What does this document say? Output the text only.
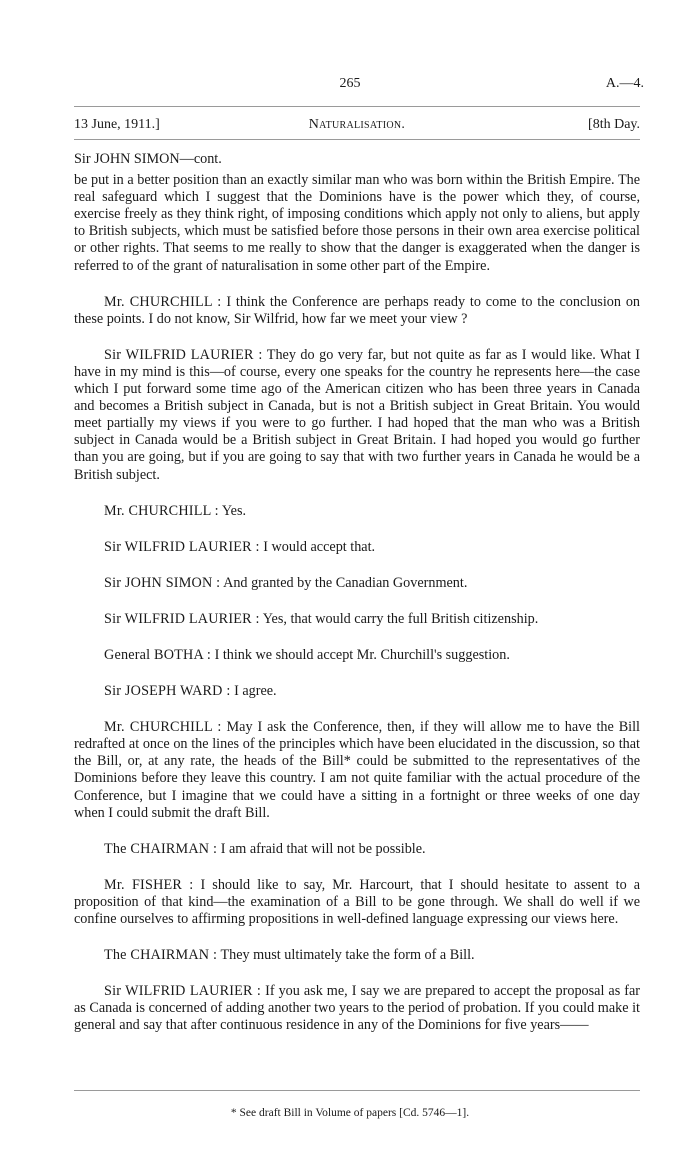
265	A.—4.
13 June, 1911.]	Naturalisation.	[8th Day.

Sir JOHN SIMON—cont.

be put in a better position than an exactly similar man who was born within the British Empire. The real safeguard which I suggest that the Dominions have is the power which they, of course, exercise freely as they think right, of imposing conditions which apply not only to aliens, but apply to British subjects, which must be satisfied before those persons in their own area exercise political or other rights. That seems to me really to show that the danger is exaggerated when the danger is referred to of the grant of naturalisation in some other part of the Empire.

Mr. CHURCHILL : I think the Conference are perhaps ready to come to the conclusion on these points. I do not know, Sir Wilfrid, how far we meet your view ?

Sir WILFRID LAURIER : They do go very far, but not quite as far as I would like. What I have in my mind is this—of course, every one speaks for the country he represents here—the case which I put forward some time ago of the American citizen who has been three years in Canada and becomes a British subject in Canada, but is not a British subject in Great Britain. You would meet partially my views if you were to go further. I had hoped that the man who was a British subject in Canada would be a British subject in Great Britain. I had hoped you would go further than you are going, but if you are going to say that with two further years in Canada he would be a British subject.

Mr. CHURCHILL : Yes.

Sir WILFRID LAURIER : I would accept that.

Sir JOHN SIMON : And granted by the Canadian Government.

Sir WILFRID LAURIER : Yes, that would carry the full British citizenship.

General BOTHA : I think we should accept Mr. Churchill's suggestion.

Sir JOSEPH WARD : I agree.

Mr. CHURCHILL : May I ask the Conference, then, if they will allow me to have the Bill redrafted at once on the lines of the principles which have been elucidated in the discussion, so that the Bill, or, at any rate, the heads of the Bill* could be submitted to the representatives of the Dominions before they leave this country. I am not quite familiar with the actual procedure of the Conference, but I imagine that we could have a sitting in a fortnight or three weeks of one day when I could submit the draft Bill.

The CHAIRMAN : I am afraid that will not be possible.

Mr. FISHER : I should like to say, Mr. Harcourt, that I should hesitate to assent to a proposition of that kind—the examination of a Bill to be gone through. We shall do well if we confine ourselves to affirming propositions in well-defined language expressing our views here.

The CHAIRMAN : They must ultimately take the form of a Bill.

Sir WILFRID LAURIER : If you ask me, I say we are prepared to accept the proposal as far as Canada is concerned of adding another two years to the period of probation. If you could make it general and say that after continuous residence in any of the Dominions for five years——

* See draft Bill in Volume of papers [Cd. 5746—1].
